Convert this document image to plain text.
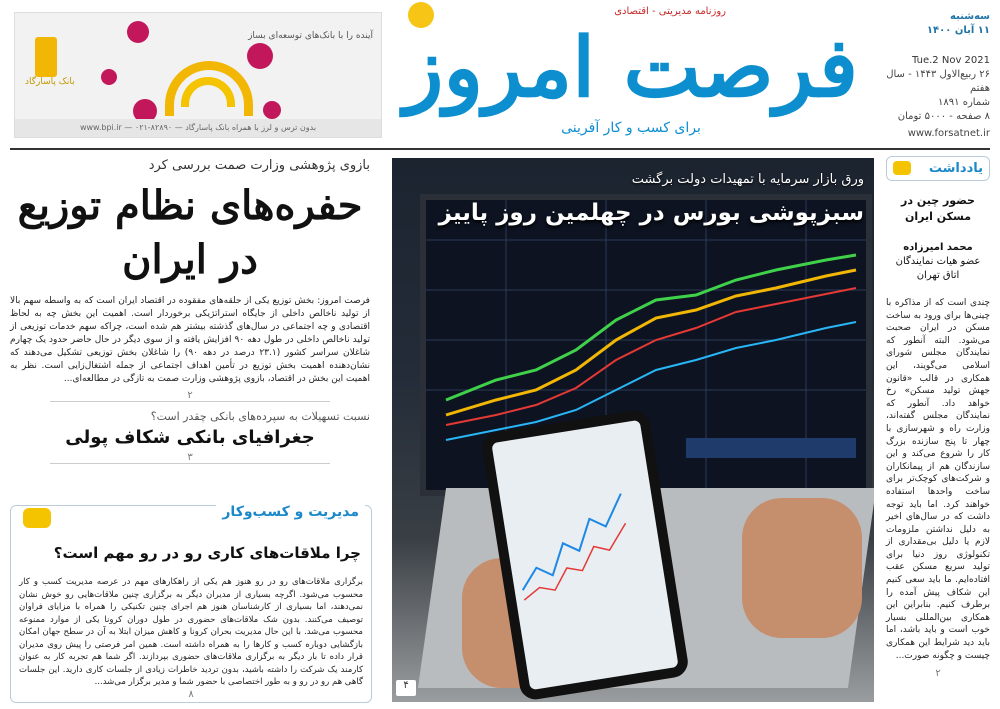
بانک پاسارگاد
آینده را با بانک‌های توسعه‌ای بساز
بدون ترس و لرز با همراه بانک پاسارگاد — www.bpi.ir — ۰۲۱-۸۲۸۹۰
روزنامه مدیریتی - اقتصادی
فرصت امروز
برای کسب و کار آفرینی
سه‌شنبه
۱۱ آبان ۱۴۰۰
Tue.2 Nov 2021
۲۶ ربیع‌الاول ۱۴۴۳ - سال هفتم
شماره ۱۸۹۱
۸ صفحه - ۵۰۰۰ تومان
www.forsatnet.ir
بازوی پژوهشی وزارت صمت بررسی کرد
حفره‌های نظام توزیع در ایران
فرصت امروز: بخش توزیع یکی از حلقه‌های مفقوده در اقتصاد ایران است که به واسطه سهم بالا از تولید ناخالص داخلی از جایگاه استراتژیکی برخوردار است. اهمیت این بخش چه به لحاظ اقتصادی و چه اجتماعی در سال‌های گذشته بیشتر هم شده است، چراکه سهم خدمات توزیعی از تولید ناخالص داخلی در طول دهه ۹۰ افزایش یافته و از سوی دیگر در حال حاضر حدود یک چهارم شاغلان سراسر کشور (۲۳.۱ درصد در دهه ۹۰) را شاغلان بخش توزیعی تشکیل می‌دهند که نشان‌دهنده اهمیت بخش توزیع در تأمین اهداف اجتماعی از جمله اشتغال‌زایی است. نظر به اهمیت این بخش در اقتصاد، بازوی پژوهشی وزارت صمت به تازگی در مطالعه‌ای...
۲
نسبت تسهیلات به سپرده‌های بانکی چقدر است؟
جغرافیای بانکی شکاف پولی
۳
مدیریت و کسب‌وکار
چرا ملاقات‌های کاری رو در رو مهم است؟
برگزاری ملاقات‌های رو در رو هنوز هم یکی از راهکارهای مهم در عرصه مدیریت کسب و کار محسوب می‌شود. اگرچه بسیاری از مدیران دیگر به برگزاری چنین ملاقات‌هایی رو خوش نشان نمی‌دهند، اما بسیاری از کارشناسان هنوز هم اجرای چنین تکنیکی را همراه با مزایای فراوان توصیف می‌کنند. بدون شک ملاقات‌های حضوری در طول دوران کرونا یکی از موارد ممنوعه محسوب می‌شد. با این حال مدیریت بحران کرونا و کاهش میزان ابتلا به آن در سطح جهان امکان بازگشایی دوباره کسب و کارها را به همراه داشته است. همین امر فرصتی را پیش روی مدیران قرار داده تا بار دیگر به برگزاری ملاقات‌های حضوری بپردازند. اگر شما هم تجربه کار به عنوان کارمند یک شرکت را داشته باشید، بدون تردید خاطرات زیادی از جلسات کاری دارید. این جلسات گاهی هم رو در رو و به طور اختصاصی با حضور شما و مدیر برگزار می‌شد...
۸
ورق بازار سرمایه با تمهیدات دولت برگشت
سبزپوشی بورس در چهلمین روز پاییز
۴
یادداشت
حضور چین در مسکن ایران
محمد امیرزاده
عضو هیات نمایندگان اتاق تهران
چندی است که از مذاکره با چینی‌ها برای ورود به ساخت مسکن در ایران صحبت می‌شود. البته آنطور که نمایندگان مجلس شورای اسلامی می‌گویند، این همکاری در قالب «قانون جهش تولید مسکن» رخ خواهد داد. آنطور که نمایندگان مجلس گفته‌اند، وزارت راه و شهرسازی با چهار تا پنج سازنده بزرگ کار را شروع می‌کند و این سازندگان هم از پیمانکاران و شرکت‌های کوچک‌تر برای ساخت واحدها استفاده خواهند کرد. اما باید توجه داشت که در سال‌های اخیر به دلیل نداشتن ملزومات لازم یا دلیل بی‌مقداری از تکنولوژی روز دنیا برای تولید سریع مسکن عقب افتاده‌ایم. ما باید سعی کنیم این شکاف پیش آمده را برطرف کنیم. بنابراین این همکاری بین‌المللی بسیار خوب است و باید باشد، اما باید دید شرایط این همکاری چیست و چگونه صورت...
۲
